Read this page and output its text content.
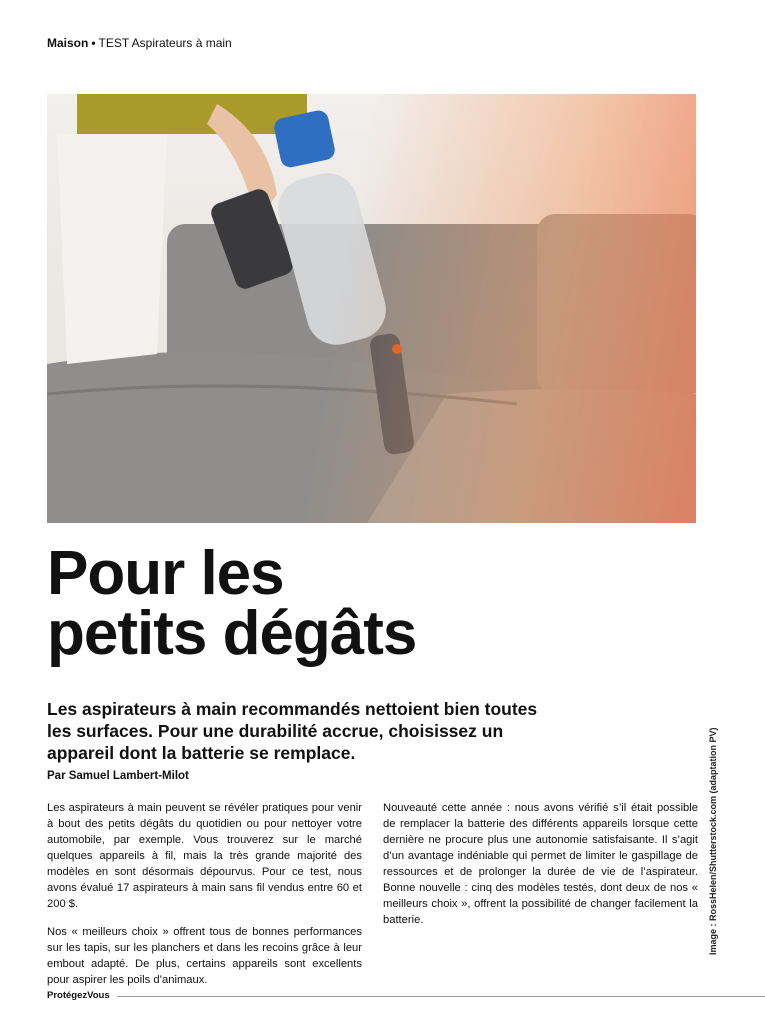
Maison • TEST Aspirateurs à main
Pour les
petits dégâts

Les aspirateurs à main recommandés nettoient bien toutes
les surfaces. Pour une durabilité accrue, choisissez un
appareil dont la batterie se remplace.

Par Samuel Lambert-Milot

Les aspirateurs à main peuvent se révéler pratiques pour venir à bout des petits dégâts du quotidien ou pour nettoyer votre automobile, par exemple. Vous trouverez sur le marché quelques appareils à fil, mais la très grande majorité des modèles en sont désormais dépourvus. Pour ce test, nous avons évalué 17 aspirateurs à main sans fil vendus entre 60 et 200 $.

Nos « meilleurs choix » offrent tous de bonnes performances sur les tapis, sur les planchers et dans les recoins grâce à leur embout adapté. De plus, certains appareils sont excellents pour aspirer les poils d’animaux.

Nouveauté cette année : nous avons vérifié s’il était possible de remplacer la batterie des différents appareils lorsque cette dernière ne procure plus une autonomie satisfaisante. Il s’agit d’un avantage indéniable qui permet de limiter le gaspillage de ressources et de prolonger la durée de vie de l’aspirateur. Bonne nouvelle : cinq des modèles testés, dont deux de nos « meilleurs choix », offrent la possibilité de changer facilement la batterie.	Image : RossHelen/Shutterstock.com (adaptation PV)
ProtégezVous
